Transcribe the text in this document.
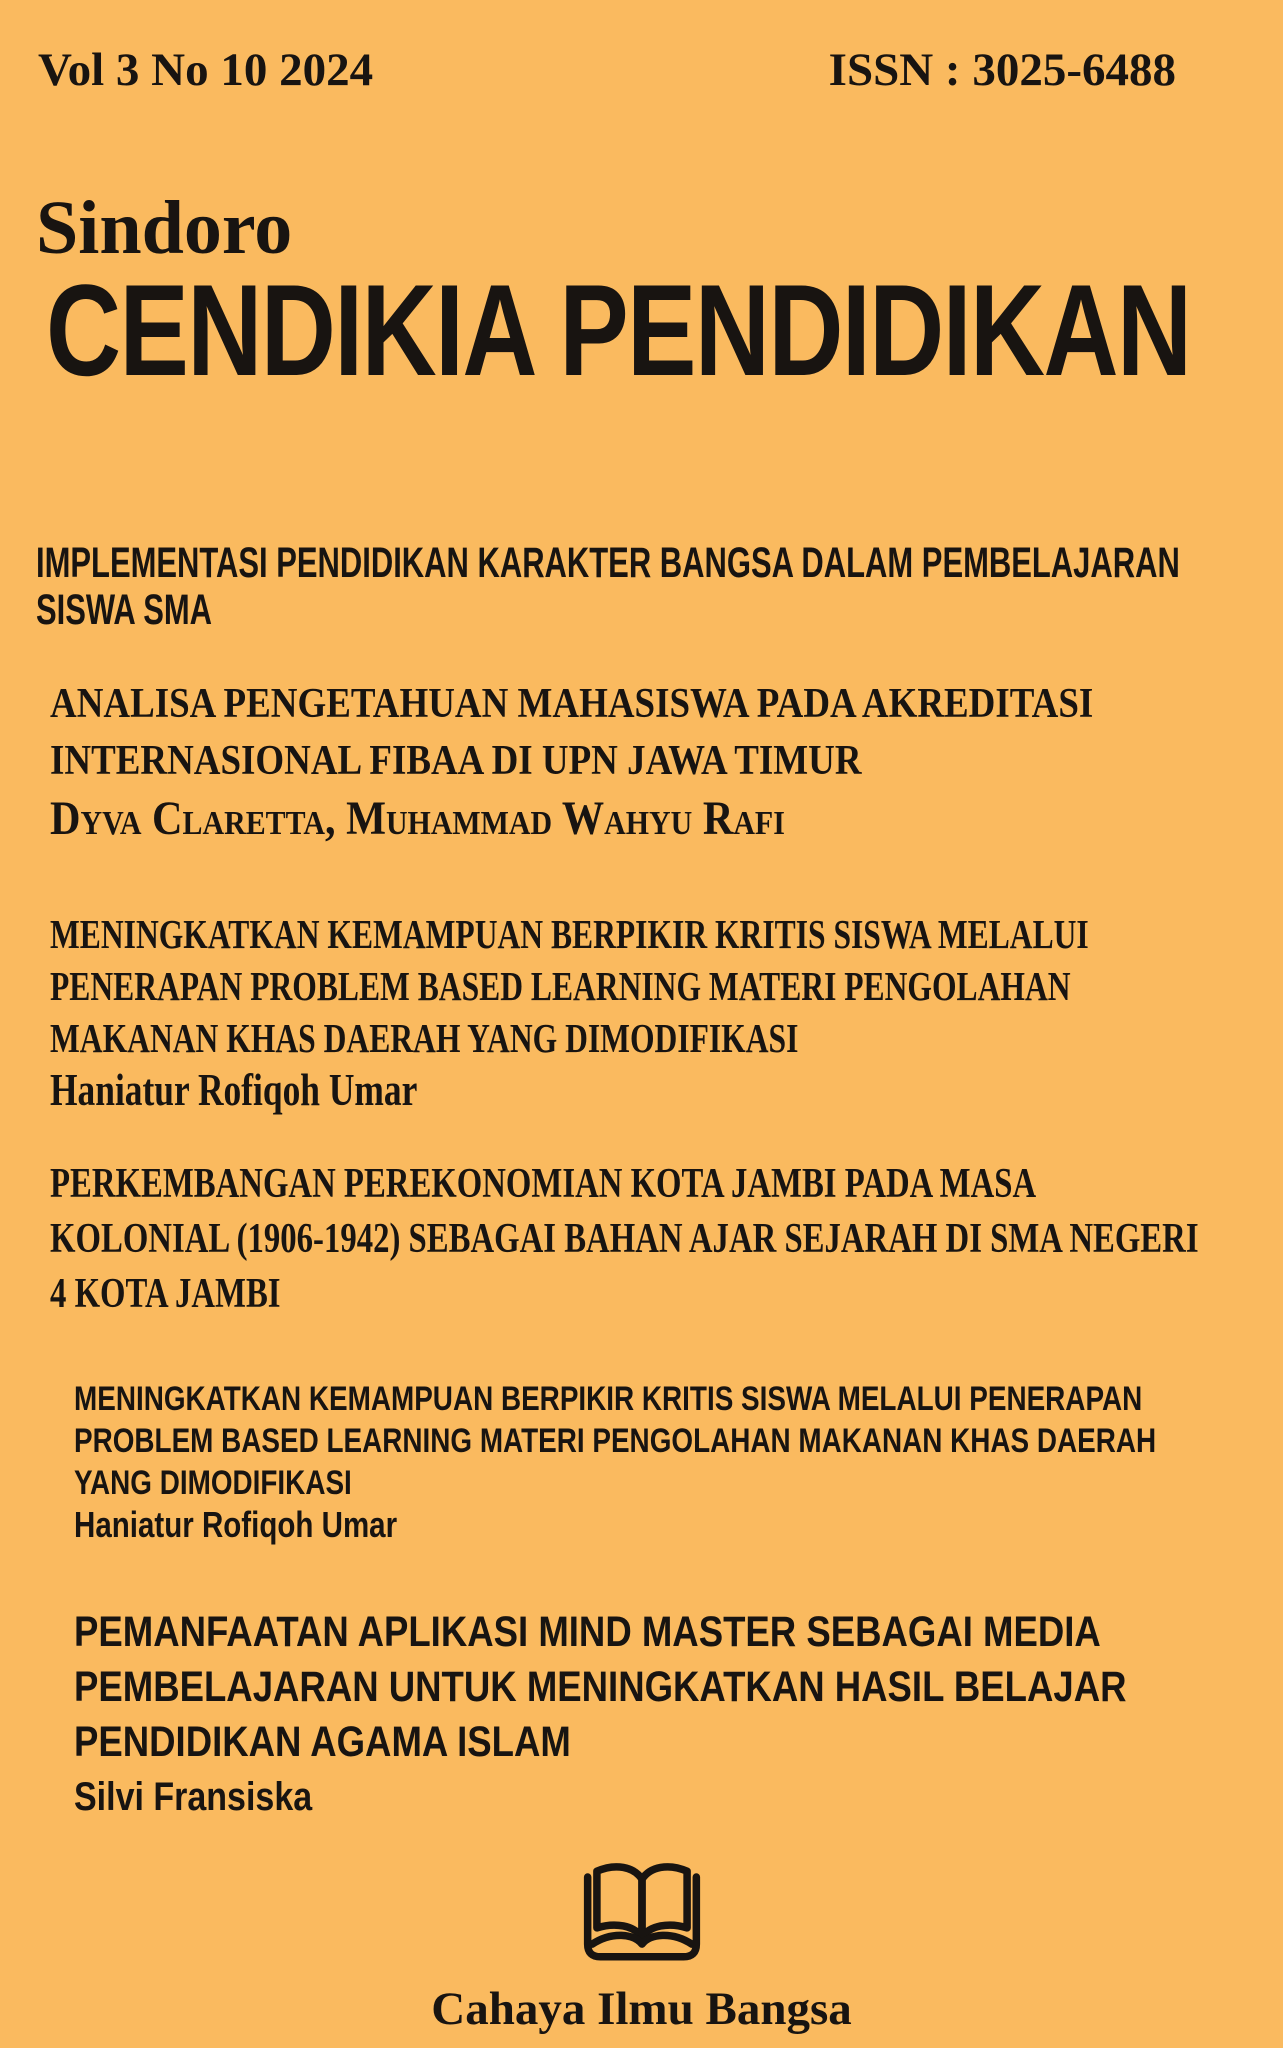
Vol 3 No 10 2024	ISSN : 3025-6488
Sindoro
CENDIKIA PENDIDIKAN
IMPLEMENTASI PENDIDIKAN KARAKTER BANGSA DALAM PEMBELAJARAN
SISWA SMA
ANALISA PENGETAHUAN MAHASISWA PADA AKREDITASI
INTERNASIONAL FIBAA DI UPN JAWA TIMUR
Dyva Claretta, Muhammad Wahyu Rafi
MENINGKATKAN KEMAMPUAN BERPIKIR KRITIS SISWA MELALUI
PENERAPAN PROBLEM BASED LEARNING MATERI PENGOLAHAN
MAKANAN KHAS DAERAH YANG DIMODIFIKASI
Haniatur Rofiqoh Umar
PERKEMBANGAN PEREKONOMIAN KOTA JAMBI PADA MASA
KOLONIAL (1906-1942) SEBAGAI BAHAN AJAR SEJARAH DI SMA NEGERI
4 KOTA JAMBI
MENINGKATKAN KEMAMPUAN BERPIKIR KRITIS SISWA MELALUI PENERAPAN
PROBLEM BASED LEARNING MATERI PENGOLAHAN MAKANAN KHAS DAERAH
YANG DIMODIFIKASI
Haniatur Rofiqoh Umar
PEMANFAATAN APLIKASI MIND MASTER SEBAGAI MEDIA
PEMBELAJARAN UNTUK MENINGKATKAN HASIL BELAJAR
PENDIDIKAN AGAMA ISLAM
Silvi Fransiska
Cahaya Ilmu Bangsa
